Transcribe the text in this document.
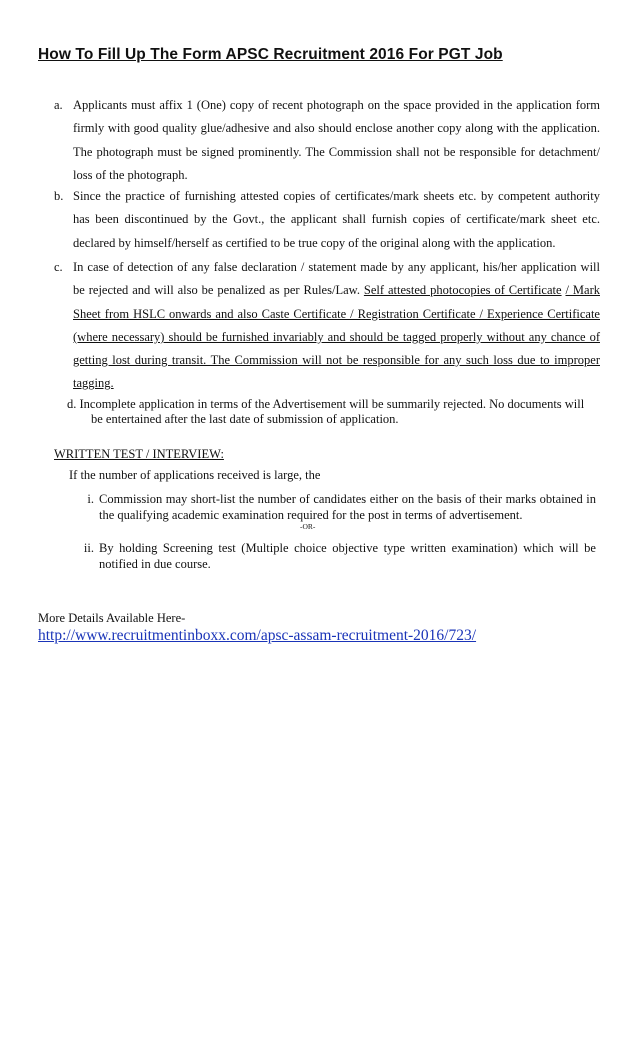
How To Fill Up The Form APSC Recruitment 2016 For PGT Job
a. Applicants must affix 1 (One) copy of recent photograph on the space provided in the application form firmly with good quality glue/adhesive and also should enclose another copy along with the application. The photograph must be signed prominently. The Commission shall not be responsible for detachment/ loss of the photograph.
b. Since the practice of furnishing attested copies of certificates/mark sheets etc. by competent authority has been discontinued by the Govt., the applicant shall furnish copies of certificate/mark sheet etc. declared by himself/herself as certified to be true copy of the original along with the application.
c. In case of detection of any false declaration / statement made by any applicant, his/her application will be rejected and will also be penalized as per Rules/Law. Self attested photocopies of Certificate / Mark Sheet from HSLC onwards and also Caste Certificate / Registration Certificate / Experience Certificate (where necessary) should be furnished invariably and should be tagged properly without any chance of getting lost during transit. The Commission will not be responsible for any such loss due to improper tagging.
d. Incomplete application in terms of the Advertisement will be summarily rejected. No documents will be entertained after the last date of submission of application.
WRITTEN TEST / INTERVIEW:
If the number of applications received is large, the
i. Commission may short-list the number of candidates either on the basis of their marks obtained in the qualifying academic examination required for the post in terms of advertisement.
-OR-
ii. By holding Screening test (Multiple choice objective type written examination) which will be notified in due course.
More Details Available Here-
http://www.recruitmentinboxx.com/apsc-assam-recruitment-2016/723/
